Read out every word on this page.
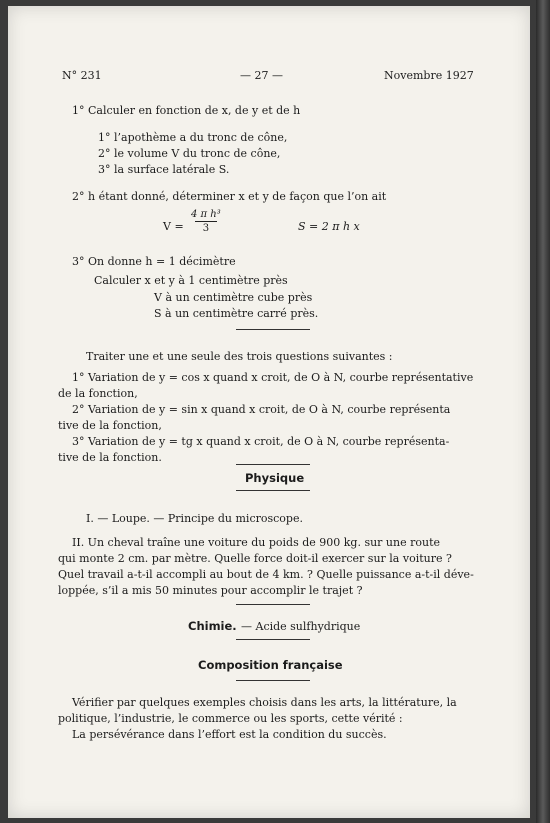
N° 231	— 27 —	Novembre 1927
1° Calculer en fonction de x, de y et de h
1° l’apothème a du tronc de cône,
2° le volume V du tronc de cône,
3° la surface latérale S.
2° h étant donné, déterminer x et y de façon que l’on ait
V =
4 π h³
3	S = 2 π h x
3° On donne h = 1 décimètre
Calculer x et y à 1 centimètre près
V à un centimètre cube près
S à un centimètre carré près.
Traiter une et une seule des trois questions suivantes :
1° Variation de y = cos x quand x croit, de O à N, courbe représentative
de la fonction,
2° Variation de y = sin x quand x croit, de O à N, courbe représenta
tive de la fonction,
3° Variation de y = tg x quand x croit, de O à N, courbe représenta-
tive de la fonction.
Physique
I. — Loupe. — Principe du microscope.
II. Un cheval traîne une voiture du poids de 900 kg. sur une route
qui monte 2 cm. par mètre. Quelle force doit-il exercer sur la voiture ?
Quel travail a-t-il accompli au bout de 4 km. ? Quelle puissance a-t-il déve-
loppée, s’il a mis 50 minutes pour accomplir le trajet ?
Chimie. — Acide sulfhydrique
Composition française
Vérifier par quelques exemples choisis dans les arts, la littérature, la
politique, l’industrie, le commerce ou les sports, cette vérité :
La persévérance dans l’effort est la condition du succès.
